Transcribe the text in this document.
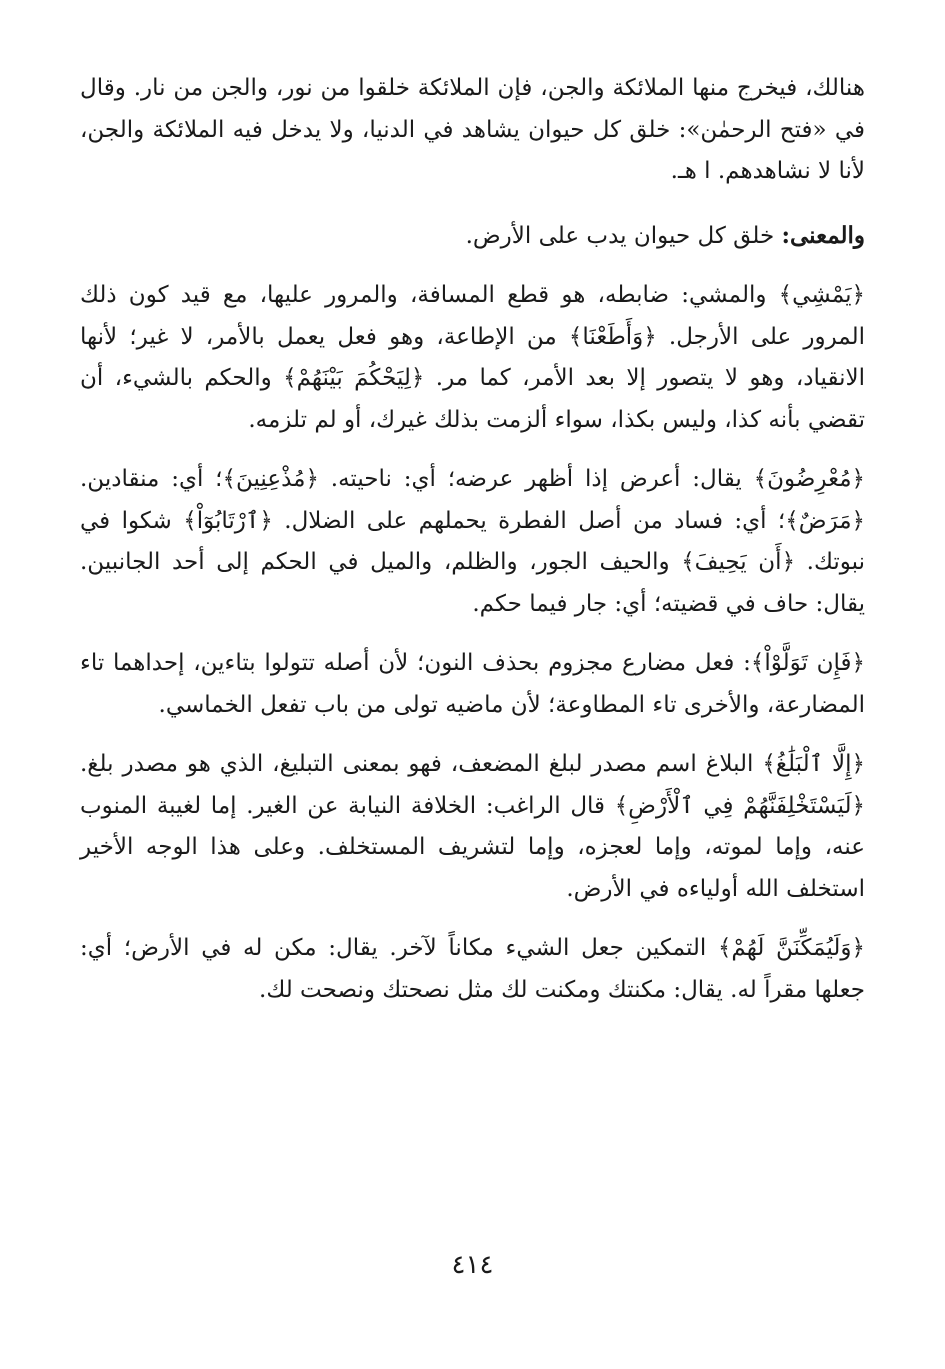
هنالك، فيخرج منها الملائكة والجن، فإن الملائكة خلقوا من نور، والجن من نار. وقال في «فتح الرحمٰن»: خلق كل حيوان يشاهد في الدنيا، ولا يدخل فيه الملائكة والجن، لأنا لا نشاهدهم. ا هـ.

والمعنى: خلق كل حيوان يدب على الأرض.

﴿يَمْشِي﴾ والمشي: ضابطه، هو قطع المسافة، والمرور عليها، مع قيد كون ذلك المرور على الأرجل. ﴿وَأَطَعْنَا﴾ من الإطاعة، وهو فعل يعمل بالأمر، لا غير؛ لأنها الانقياد، وهو لا يتصور إلا بعد الأمر، كما مر. ﴿لِيَحْكُمَ بَيْنَهُمْ﴾ والحكم بالشيء، أن تقضي بأنه كذا، وليس بكذا، سواء ألزمت بذلك غيرك، أو لم تلزمه.

﴿مُعْرِضُونَ﴾ يقال: أعرض إذا أظهر عرضه؛ أي: ناحيته. ﴿مُذْعِنِينَ﴾؛ أي: منقادين. ﴿مَرَضٌ﴾؛ أي: فساد من أصل الفطرة يحملهم على الضلال. ﴿ٱرْتَابُوٓاْ﴾ شكوا في نبوتك. ﴿أَن يَحِيفَ﴾ والحيف الجور، والظلم، والميل في الحكم إلى أحد الجانبين. يقال: حاف في قضيته؛ أي: جار فيما حكم.

﴿فَإِن تَوَلَّوْاْ﴾: فعل مضارع مجزوم بحذف النون؛ لأن أصله تتولوا بتاءين، إحداهما تاء المضارعة، والأخرى تاء المطاوعة؛ لأن ماضيه تولى من باب تفعل الخماسي.

﴿إِلَّا ٱلْبَلَٰغُ﴾ البلاغ اسم مصدر لبلغ المضعف، فهو بمعنى التبليغ، الذي هو مصدر بلغ. ﴿لَيَسْتَخْلِفَنَّهُمْ فِي ٱلْأَرْضِ﴾ قال الراغب: الخلافة النيابة عن الغير. إما لغيبة المنوب عنه، وإما لموته، وإما لعجزه، وإما لتشريف المستخلف. وعلى هذا الوجه الأخير استخلف الله أولياءه في الأرض.

﴿وَلَيُمَكِّنَنَّ لَهُمْ﴾ التمكين جعل الشيء مكاناً لآخر. يقال: مكن له في الأرض؛ أي: جعلها مقراً له. يقال: مكنتك ومكنت لك مثل نصحتك ونصحت لك.

٤١٤
